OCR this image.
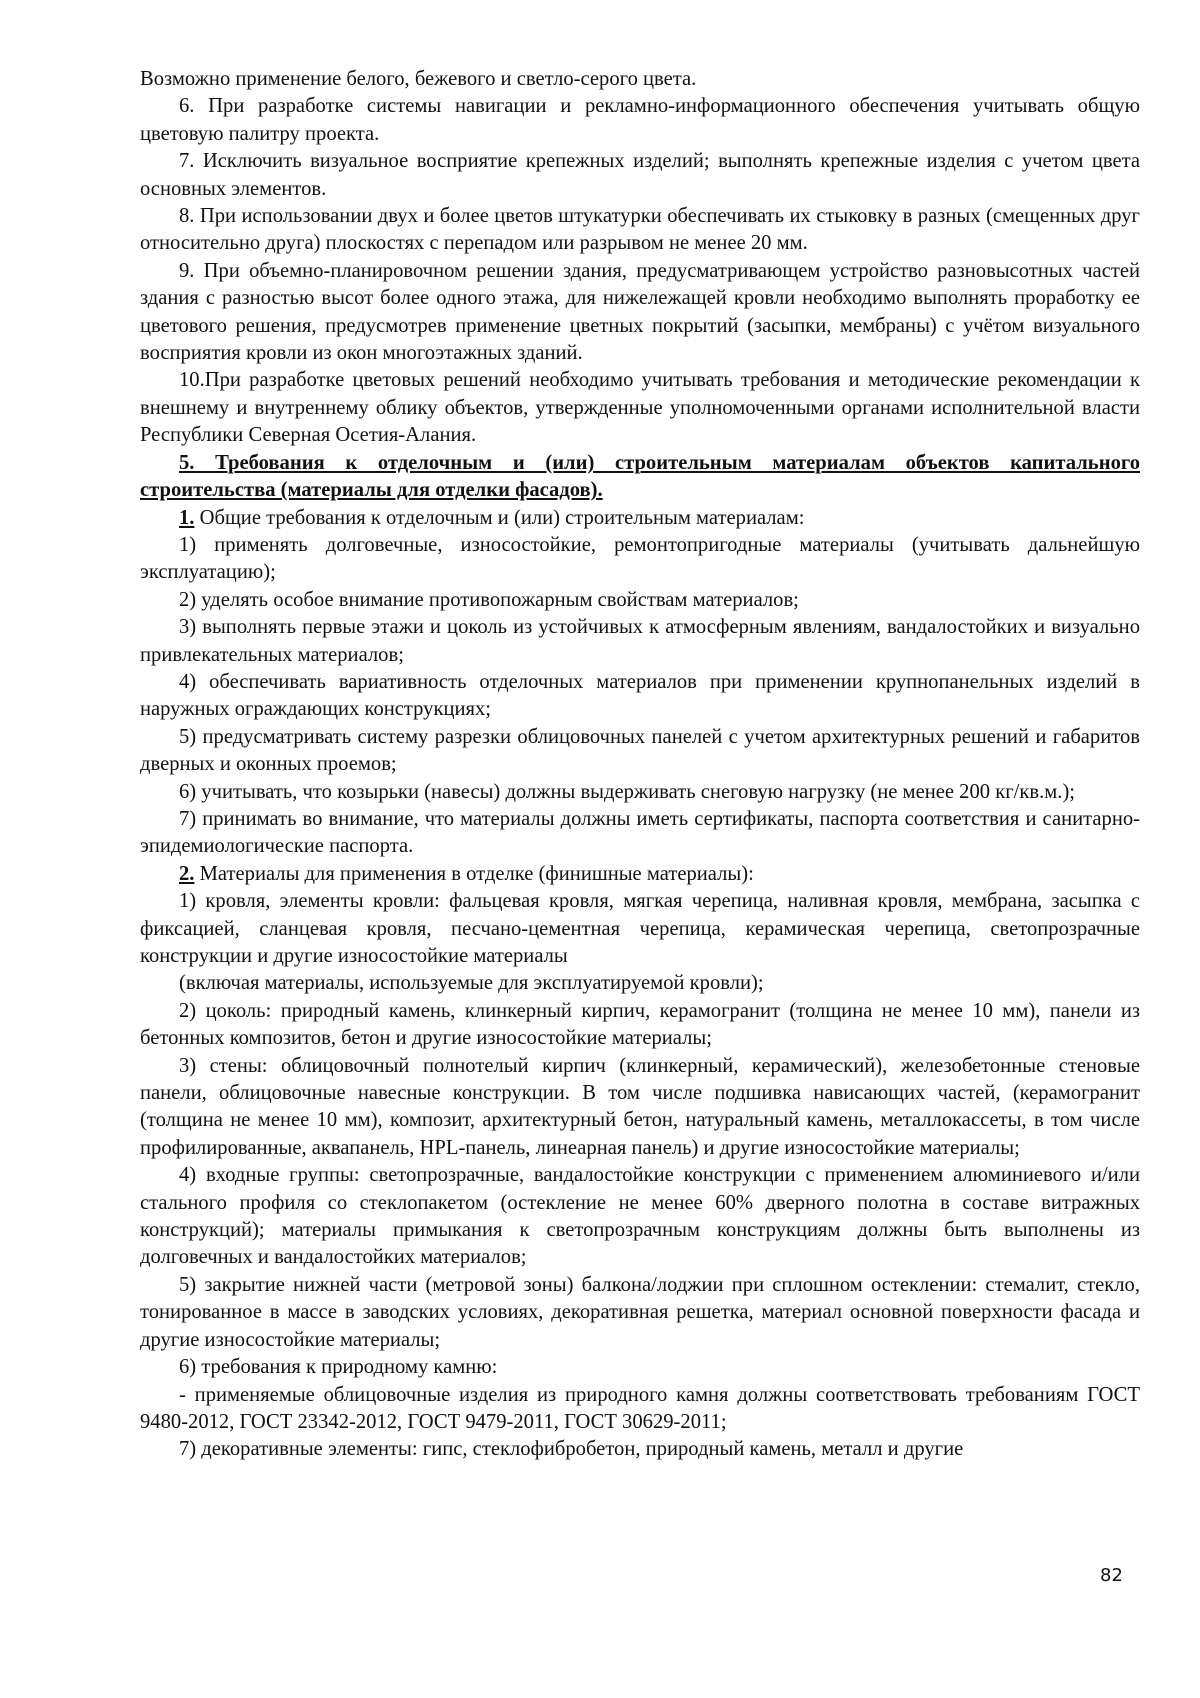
Возможно применение белого, бежевого и светло-серого цвета.

6. При разработке системы навигации и рекламно-информационного обеспечения учитывать общую цветовую палитру проекта.

7. Исключить визуальное восприятие крепежных изделий; выполнять крепежные изделия с учетом цвета основных элементов.

8. При использовании двух и более цветов штукатурки обеспечивать их стыковку в разных (смещенных друг относительно друга) плоскостях с перепадом или разрывом не менее 20 мм.

9. При объемно-планировочном решении здания, предусматривающем устройство разновысотных частей здания с разностью высот более одного этажа, для нижележащей кровли необходимо выполнять проработку ее цветового решения, предусмотрев применение цветных покрытий (засыпки, мембраны) с учётом визуального восприятия кровли из окон многоэтажных зданий.

10.При разработке цветовых решений необходимо учитывать требования и методические рекомендации к внешнему и внутреннему облику объектов, утвержденные уполномоченными органами исполнительной власти Республики Северная Осетия-Алания.

5. Требования к отделочным и (или) строительным материалам объектов капитального строительства (материалы для отделки фасадов).

1. Общие требования к отделочным и (или) строительным материалам:

1) применять долговечные, износостойкие, ремонтопригодные материалы (учитывать дальнейшую эксплуатацию);

2) уделять особое внимание противопожарным свойствам материалов;

3) выполнять первые этажи и цоколь из устойчивых к атмосферным явлениям, вандалостойких и визуально привлекательных материалов;

4) обеспечивать вариативность отделочных материалов при применении крупнопанельных изделий в наружных ограждающих конструкциях;

5) предусматривать систему разрезки облицовочных панелей с учетом архитектурных решений и габаритов дверных и оконных проемов;

6) учитывать, что козырьки (навесы) должны выдерживать снеговую нагрузку (не менее 200 кг/кв.м.);

7) принимать во внимание, что материалы должны иметь сертификаты, паспорта соответствия и санитарно-эпидемиологические паспорта.

2. Материалы для применения в отделке (финишные материалы):

1) кровля, элементы кровли: фальцевая кровля, мягкая черепица, наливная кровля, мембрана, засыпка с фиксацией, сланцевая кровля, песчано-цементная черепица, керамическая черепица, светопрозрачные конструкции и другие износостойкие материалы

(включая материалы, используемые для эксплуатируемой кровли);

2) цоколь: природный камень, клинкерный кирпич, керамогранит (толщина не менее 10 мм), панели из бетонных композитов, бетон и другие износостойкие материалы;

3) стены: облицовочный полнотелый кирпич (клинкерный, керамический), железобетонные стеновые панели, облицовочные навесные конструкции. В том числе подшивка нависающих частей, (керамогранит (толщина не менее 10 мм), композит, архитектурный бетон, натуральный камень, металлокассеты, в том числе профилированные, аквапанель, HPL-панель, линеарная панель) и другие износостойкие материалы;

4) входные группы: светопрозрачные, вандалостойкие конструкции с применением алюминиевого и/или стального профиля со стеклопакетом (остекление не менее 60% дверного полотна в составе витражных конструкций); материалы примыкания к светопрозрачным конструкциям должны быть выполнены из долговечных и вандалостойких материалов;

5) закрытие нижней части (метровой зоны) балкона/лоджии при сплошном остеклении: стемалит, стекло, тонированное в массе в заводских условиях, декоративная решетка, материал основной поверхности фасада и другие износостойкие материалы;

6) требования к природному камню:

- применяемые облицовочные изделия из природного камня должны соответствовать требованиям ГОСТ 9480-2012, ГОСТ 23342-2012, ГОСТ 9479-2011, ГОСТ 30629-2011;

7) декоративные элементы: гипс, стеклофибробетон, природный камень, металл и другие

82
